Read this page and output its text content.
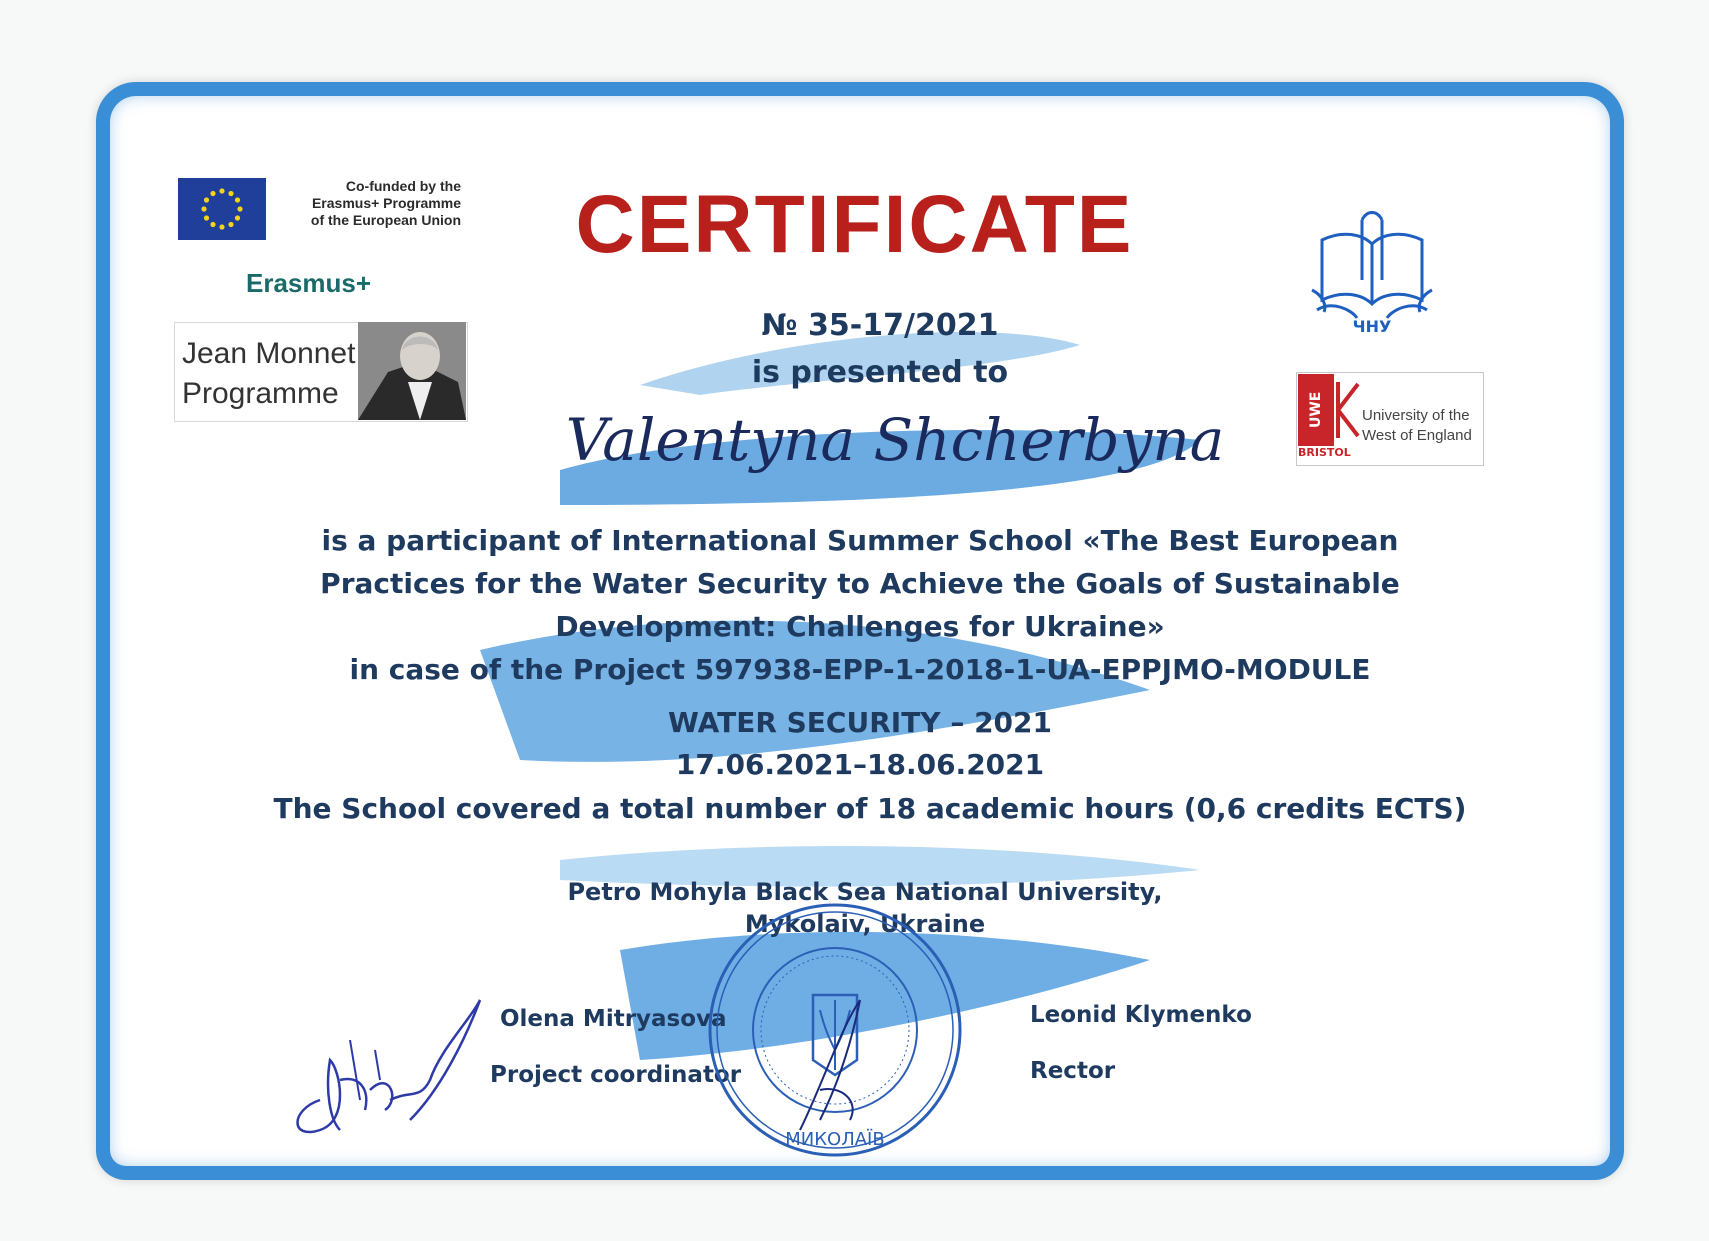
Co-funded by the
Erasmus+ Programme
of the European Union
Erasmus+
Jean Monnet
Programme
CERTIFICATE
№ 35-17/2021
is presented to
Valentyna Shcherbyna
is a participant of International Summer School «The Best European
Practices for the Water Security to Achieve the Goals of Sustainable
Development: Challenges for Ukraine»
in case of the Project 597938-EPP-1-2018-1-UA-EPPJMO-MODULE
WATER SECURITY – 2021
17.06.2021–18.06.2021
The School covered a total number of 18 academic hours (0,6 credits ECTS)
Petro Mohyla Black Sea National University,
Mykolaiv, Ukraine
ЧНУ
UWE
BRISTOL
University of the
West of England
Olena Mitryasova
Project coordinator
Leonid Klymenko
Rector
МИКОЛАЇВ
